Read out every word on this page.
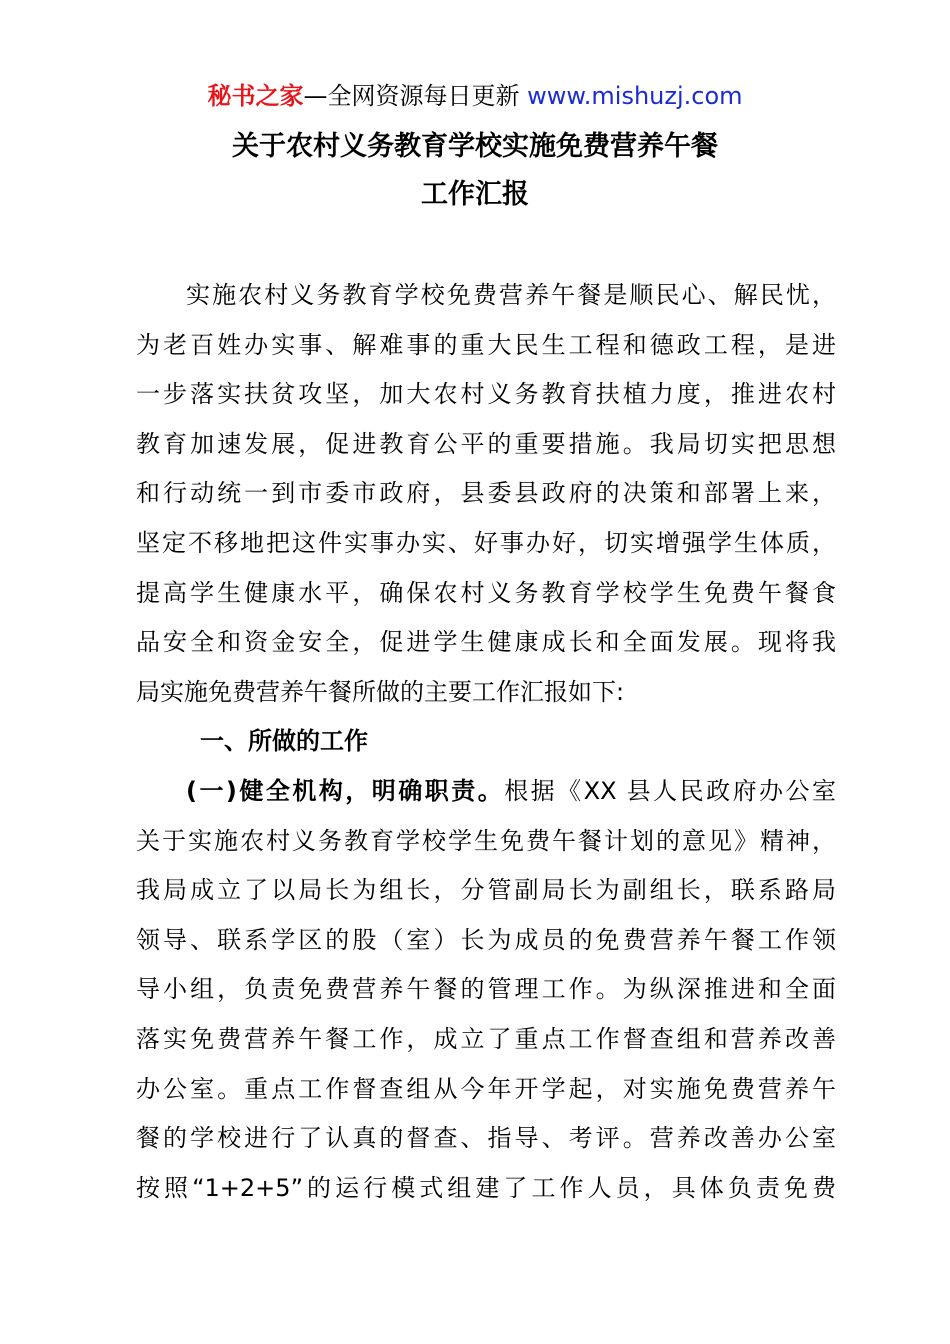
秘书之家—全网资源每日更新 www.mishuzj.com
关于农村义务教育学校实施免费营养午餐
工作汇报
实施农村义务教育学校免费营养午餐是顺民心、解民忧，
为老百姓办实事、解难事的重大民生工程和德政工程，是进
一步落实扶贫攻坚，加大农村义务教育扶植力度，推进农村
教育加速发展，促进教育公平的重要措施。我局切实把思想
和行动统一到市委市政府，县委县政府的决策和部署上来，
坚定不移地把这件实事办实、好事办好，切实增强学生体质，
提高学生健康水平，确保农村义务教育学校学生免费午餐食
品安全和资金安全，促进学生健康成长和全面发展。现将我
局实施免费营养午餐所做的主要工作汇报如下:
一、所做的工作
(一)健全机构，明确职责。根据《XX 县人民政府办公室
关于实施农村义务教育学校学生免费午餐计划的意见》精神，
我局成立了以局长为组长，分管副局长为副组长，联系路局
领导、联系学区的股（室）长为成员的免费营养午餐工作领
导小组，负责免费营养午餐的管理工作。为纵深推进和全面
落实免费营养午餐工作，成立了重点工作督查组和营养改善
办公室。重点工作督查组从今年开学起，对实施免费营养午
餐的学校进行了认真的督查、指导、考评。营养改善办公室
按照“1+2+5”的运行模式组建了工作人员，具体负责免费
